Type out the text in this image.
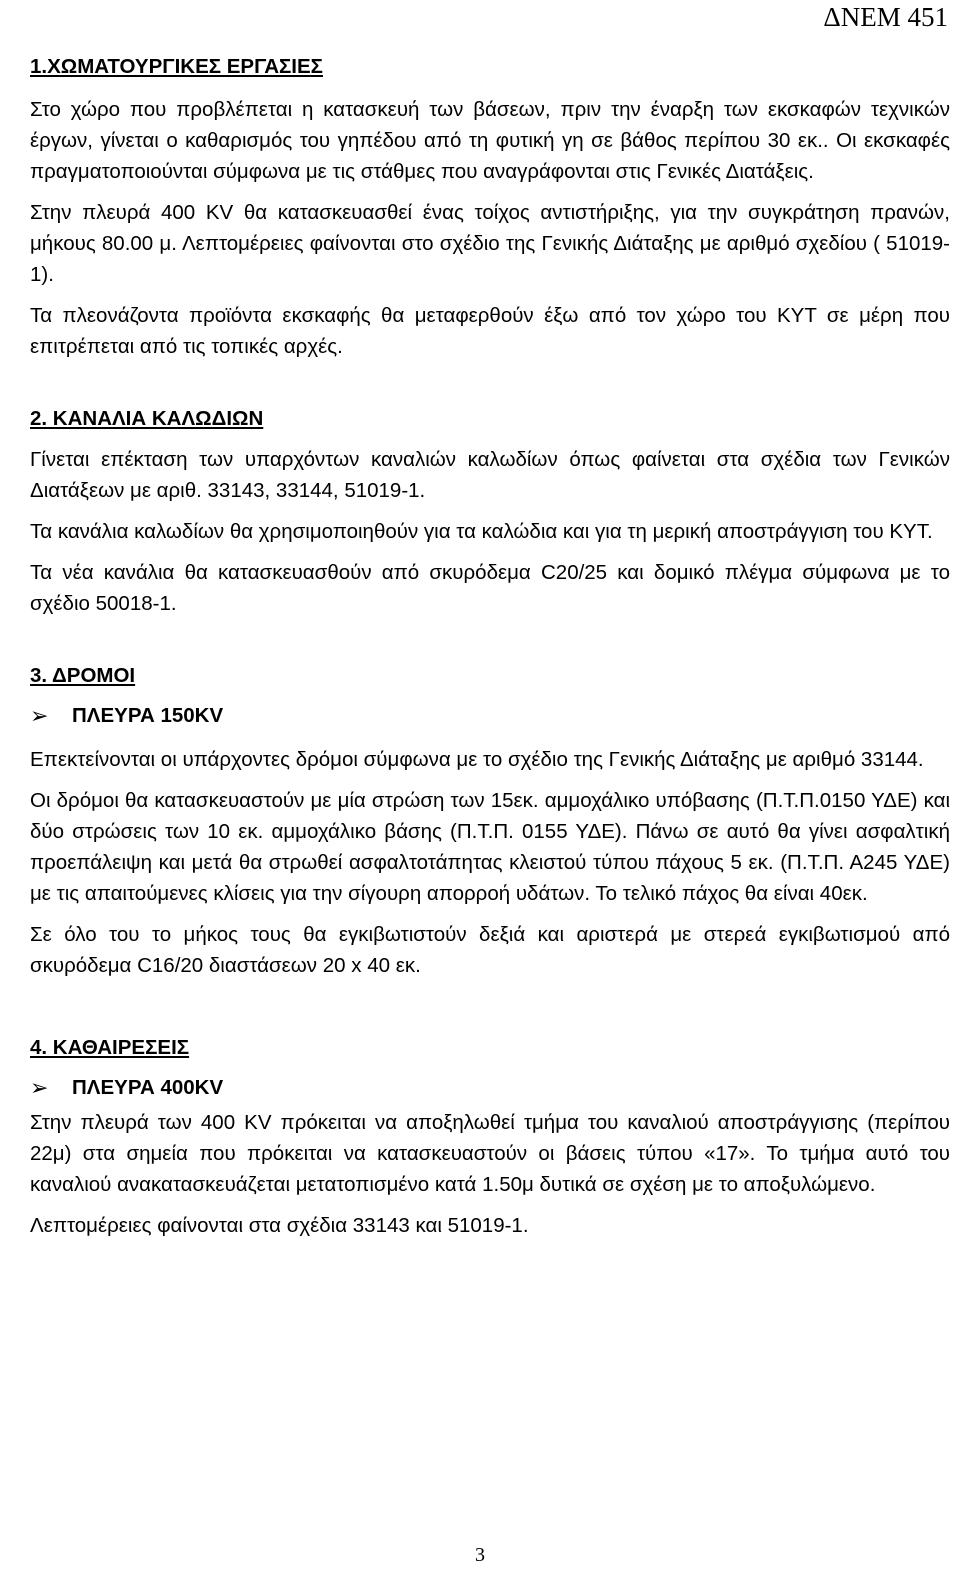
ΔΝΕΜ 451
1.ΧΩΜΑΤΟΥΡΓΙΚΕΣ ΕΡΓΑΣΙΕΣ

Στο χώρο που προβλέπεται η κατασκευή των βάσεων, πριν την έναρξη των εκσκαφών τεχνικών έργων, γίνεται ο καθαρισμός του γηπέδου από τη φυτική γη σε βάθος περίπου 30 εκ.. Οι εκσκαφές πραγματοποιούνται σύμφωνα με τις στάθμες που αναγράφονται στις Γενικές Διατάξεις.

Στην πλευρά 400 KV θα κατασκευασθεί ένας τοίχος αντιστήριξης, για την συγκράτηση πρανών, μήκους 80.00 μ. Λεπτομέρειες φαίνονται στο σχέδιο της Γενικής Διάταξης με αριθμό σχεδίου ( 51019-1).

Τα πλεονάζοντα προϊόντα εκσκαφής θα μεταφερθούν έξω από τον χώρο του ΚΥΤ σε μέρη που επιτρέπεται από τις τοπικές αρχές.

2. ΚΑΝΑΛΙΑ ΚΑΛΩΔΙΩΝ

Γίνεται επέκταση των υπαρχόντων καναλιών καλωδίων όπως φαίνεται στα σχέδια των Γενικών Διατάξεων με αριθ. 33143, 33144, 51019-1.

Τα κανάλια καλωδίων θα χρησιμοποιηθούν για τα καλώδια και για τη μερική αποστράγγιση του ΚΥΤ.

Τα νέα κανάλια θα κατασκευασθούν από σκυρόδεμα C20/25 και δομικό πλέγμα σύμφωνα με το σχέδιο 50018-1.

3. ΔΡΟΜΟΙ
➢	ΠΛΕΥΡΑ 150KV

Επεκτείνονται οι υπάρχοντες δρόμοι σύμφωνα με το σχέδιο της Γενικής Διάταξης με αριθμό 33144.

Οι δρόμοι θα κατασκευαστούν με μία στρώση των 15εκ. αμμοχάλικο υπόβασης (Π.Τ.Π.0150 ΥΔΕ) και δύο στρώσεις των 10 εκ. αμμοχάλικο βάσης (Π.Τ.Π. 0155 ΥΔΕ). Πάνω σε αυτό θα γίνει ασφαλτική προεπάλειψη και μετά θα στρωθεί ασφαλτοτάπητας κλειστού τύπου πάχους 5 εκ. (Π.Τ.Π. Α245 ΥΔΕ) με τις απαιτούμενες κλίσεις για την σίγουρη απορροή υδάτων. Το τελικό πάχος θα είναι 40εκ.

Σε όλο του το μήκος τους θα εγκιβωτιστούν δεξιά και αριστερά με στερεά εγκιβωτισμού από σκυρόδεμα C16/20 διαστάσεων 20 x 40 εκ.

4. ΚΑΘΑΙΡΕΣΕΙΣ
➢	ΠΛΕΥΡΑ 400KV

Στην πλευρά των 400 KV πρόκειται να αποξηλωθεί τμήμα του καναλιού αποστράγγισης (περίπου 22μ) στα σημεία που πρόκειται να κατασκευαστούν οι βάσεις τύπου «17». Το τμήμα αυτό του καναλιού ανακατασκευάζεται μετατοπισμένο κατά 1.50μ δυτικά σε σχέση με το αποξυλώμενο.

Λεπτομέρειες φαίνονται στα σχέδια 33143 και 51019-1.

3
